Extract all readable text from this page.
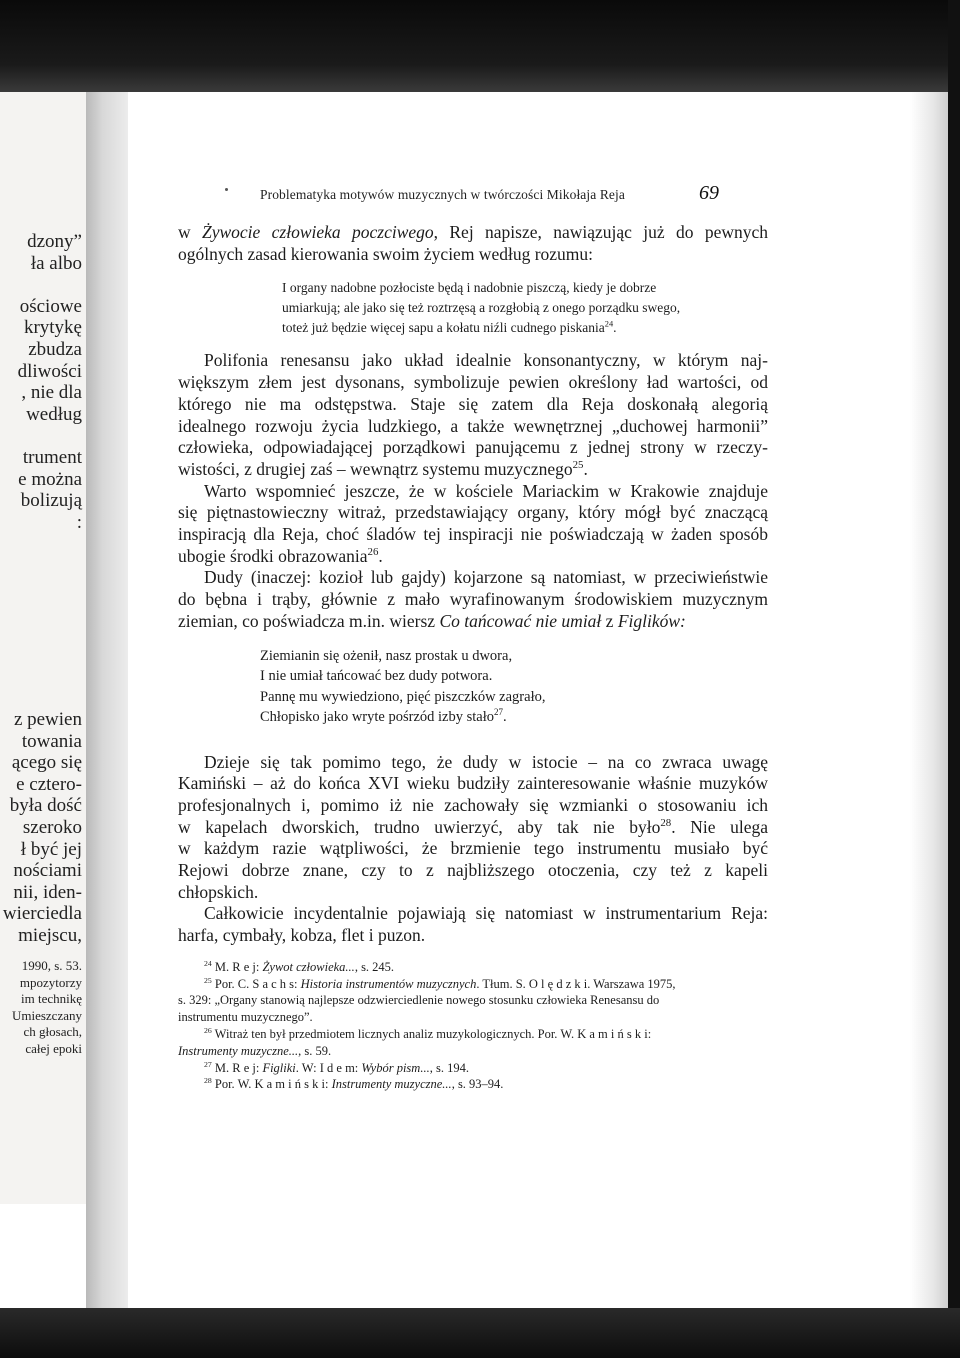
dzony”
ła albo
ościowe
krytykę
zbudza
dliwości
, nie dla
według
trument
e można
bolizują
:
z pewien
towania
ącego się
e cztero-
była dość
szeroko
ł być jej
nościami
nii, iden-
wierciedla
miejscu,
1990, s. 53.
mpozytorzy
im technikę
Umieszczany
ch głosach,
całej epoki
Problematyka motywów muzycznych w twórczości Mikołaja Reja	69
w Żywocie człowieka poczciwego, Rej napisze, nawiązując już do pewnych
ogólnych zasad kierowania swoim życiem według rozumu:
I organy nadobne pozłociste będą i nadobnie piszczą, kiedy je dobrze
umiarkują; ale jako się też roztrzęsą a rozgłobią z onego porządku swego,
toteż już będzie więcej sapu a kołatu niźli cudnego piskania$^{24}$.
Polifonia renesansu jako układ idealnie konsonantyczny, w którym naj-
większym złem jest dysonans, symbolizuje pewien określony ład wartości, od
którego nie ma odstępstwa. Staje się zatem dla Reja doskonałą alegorią
idealnego rozwoju życia ludzkiego, a także wewnętrznej „duchowej harmonii”
człowieka, odpowiadającej porządkowi panującemu z jednej strony w rzeczy-
wistości, z drugiej zaś – wewnątrz systemu muzycznego$^{25}$.
Warto wspomnieć jeszcze, że w kościele Mariackim w Krakowie znajduje
się piętnastowieczny witraż, przedstawiający organy, który mógł być znaczącą
inspiracją dla Reja, choć śladów tej inspiracji nie poświadczają w żaden sposób
ubogie środki obrazowania$^{26}$.
Dudy (inaczej: kozioł lub gajdy) kojarzone są natomiast, w przeciwieństwie
do bębna i trąby, głównie z mało wyrafinowanym środowiskiem muzycznym
ziemian, co poświadcza m.in. wiersz Co tańcować nie umiał z Figlików:
Ziemianin się ożenił, nasz prostak u dwora,
I nie umiał tańcować bez dudy potwora.
Pannę mu wywiedziono, pięć piszczków zagrało,
Chłopisko jako wryte pośrzód izby stało$^{27}$.
Dzieje się tak pomimo tego, że dudy w istocie – na co zwraca uwagę
Kamiński – aż do końca XVI wieku budziły zainteresowanie właśnie muzyków
profesjonalnych i, pomimo iż nie zachowały się wzmianki o stosowaniu ich
w kapelach dworskich, trudno uwierzyć, aby tak nie było$^{28}$. Nie ulega
w każdym razie wątpliwości, że brzmienie tego instrumentu musiało być
Rejowi dobrze znane, czy to z najbliższego otoczenia, czy też z kapeli
chłopskich.
Całkowicie incydentalnie pojawiają się natomiast w instrumentarium Reja:
harfa, cymbały, kobza, flet i puzon.
$^{24}$ M. R e j: Żywot człowieka..., s. 245.
$^{25}$ Por. C. S a c h s: Historia instrumentów muzycznych. Tłum. S. O l ę d z k i. Warszawa 1975,
s. 329: „Organy stanowią najlepsze odzwierciedlenie nowego stosunku człowieka Renesansu do
instrumentu muzycznego”.
$^{26}$ Witraż ten był przedmiotem licznych analiz muzykologicznych. Por. W. K a m i ń s k i:
Instrumenty muzyczne..., s. 59.
$^{27}$ M. R e j: Figliki. W: I d e m: Wybór pism..., s. 194.
$^{28}$ Por. W. K a m i ń s k i: Instrumenty muzyczne..., s. 93–94.
